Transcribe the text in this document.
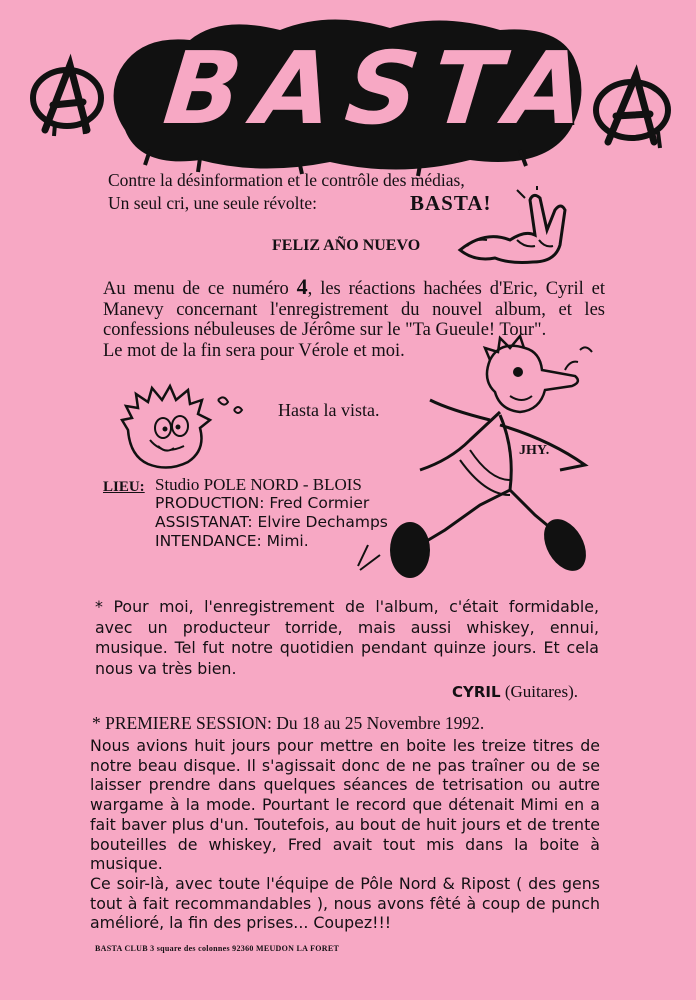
BASTA
Contre la désinformation et le contrôle des médias,
Un seul cri, une seule révolte:	BASTA!
FELIZ AÑO NUEVO

Au menu de ce numéro 4, les réactions hachées d'Eric, Cyril et Manevy concernant l'enregistrement du nouvel album, et les confessions nébuleuses de Jérôme sur le "Ta Gueule! Tour".

Le mot de la fin sera pour Vérole et moi.

Hasta la vista.
JHY.
LIEU: Studio POLE NORD - BLOIS
PRODUCTION: Fred Cormier
ASSISTANAT: Elvire Dechamps
INTENDANCE: Mimi.
* Pour moi, l'enregistrement de l'album, c'était formidable, avec un producteur torride, mais aussi whiskey, ennui, musique. Tel fut notre quotidien pendant quinze jours. Et cela nous va très bien.
CYRIL (Guitares).
* PREMIERE SESSION: Du 18 au 25 Novembre 1992.

Nous avions huit jours pour mettre en boite les treize titres de notre beau disque. Il s'agissait donc de ne pas traîner ou de se laisser prendre dans quelques séances de tetrisation ou autre wargame à la mode. Pourtant le record que détenait Mimi en a fait baver plus d'un. Toutefois, au bout de huit jours et de trente bouteilles de whiskey, Fred avait tout mis dans la boite à musique.

Ce soir-là, avec toute l'équipe de Pôle Nord & Ripost ( des gens tout à fait recommandables ), nous avons fêté à coup de punch amélioré, la fin des prises... Coupez!!!

BASTA CLUB 3 square des colonnes 92360 MEUDON LA FORET
